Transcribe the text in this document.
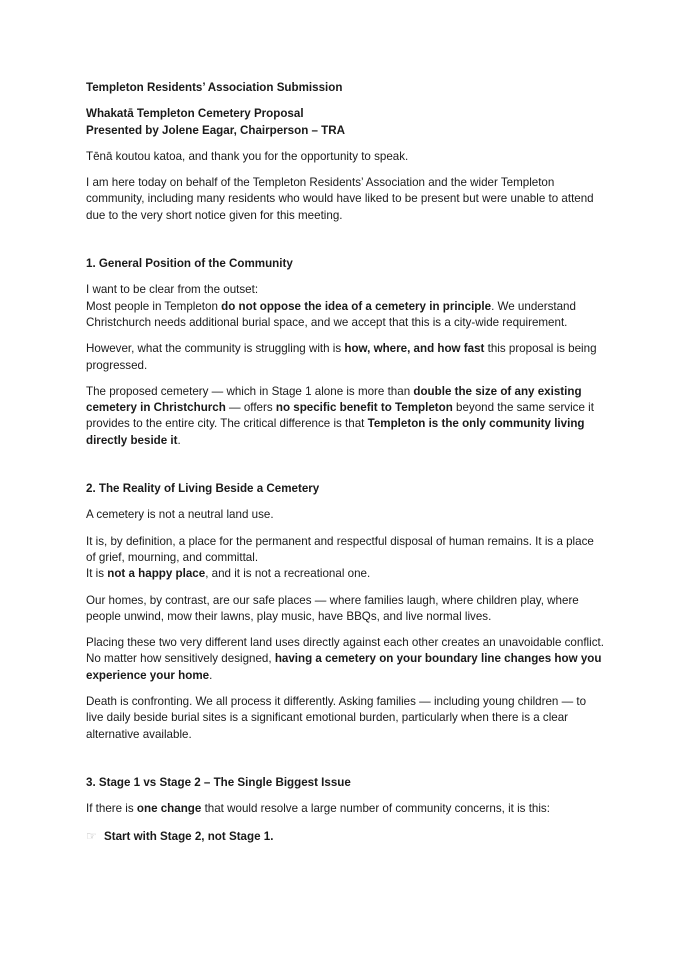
Templeton Residents’ Association Submission
Whakatā Templeton Cemetery Proposal
Presented by Jolene Eagar, Chairperson – TRA

Tēnā koutou katoa, and thank you for the opportunity to speak.

I am here today on behalf of the Templeton Residents’ Association and the wider Templeton community, including many residents who would have liked to be present but were unable to attend due to the very short notice given for this meeting.

1. General Position of the Community

I want to be clear from the outset:
Most people in Templeton do not oppose the idea of a cemetery in principle. We understand Christchurch needs additional burial space, and we accept that this is a city-wide requirement.

However, what the community is struggling with is how, where, and how fast this proposal is being progressed.

The proposed cemetery — which in Stage 1 alone is more than double the size of any existing cemetery in Christchurch — offers no specific benefit to Templeton beyond the same service it provides to the entire city. The critical difference is that Templeton is the only community living directly beside it.

2. The Reality of Living Beside a Cemetery

A cemetery is not a neutral land use.

It is, by definition, a place for the permanent and respectful disposal of human remains. It is a place of grief, mourning, and committal.
It is not a happy place, and it is not a recreational one.

Our homes, by contrast, are our safe places — where families laugh, where children play, where people unwind, mow their lawns, play music, have BBQs, and live normal lives.

Placing these two very different land uses directly against each other creates an unavoidable conflict.
No matter how sensitively designed, having a cemetery on your boundary line changes how you experience your home.

Death is confronting. We all process it differently. Asking families — including young children — to live daily beside burial sites is a significant emotional burden, particularly when there is a clear alternative available.

3. Stage 1 vs Stage 2 – The Single Biggest Issue

If there is one change that would resolve a large number of community concerns, it is this:

☞ Start with Stage 2, not Stage 1.
